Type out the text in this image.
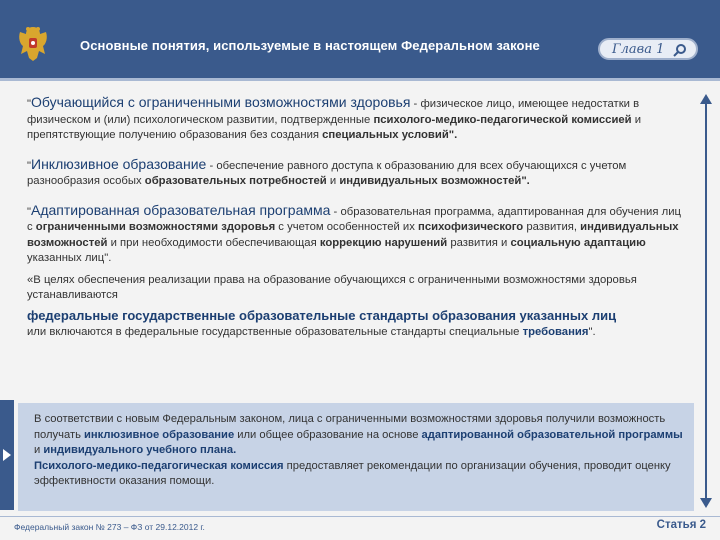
Основные понятия, используемые в настоящем Федеральном законе	Глава 1

"Обучающийся с ограниченными возможностями здоровья - физическое лицо, имеющее недостатки в физическом и (или) психологическом развитии, подтвержденные психолого-медико-педагогической комиссией и препятствующие получению образования без создания специальных условий".

"Инклюзивное образование - обеспечение равного доступа к образованию для всех обучающихся с учетом разнообразия особых образовательных потребностей и индивидуальных возможностей".

"Адаптированная образовательная программа - образовательная программа, адаптированная для обучения лиц с ограниченными возможностями здоровья с учетом особенностей их психофизического развития, индивидуальных возможностей и при необходимости обеспечивающая коррекцию нарушений развития и социальную адаптацию указанных лиц".

«В целях обеспечения реализации права на образование обучающихся с ограниченными возможностями здоровья устанавливаются
федеральные государственные образовательные стандарты образования указанных лиц
или включаются в федеральные государственные образовательные стандарты специальные требования".

В соответствии с новым Федеральным законом, лица с ограниченными возможностями здоровья получили возможность получать инклюзивное образование или общее образование на основе адаптированной образовательной программы и индивидуального учебного плана.
Психолого-медико-педагогическая комиссия предоставляет рекомендации по организации обучения, проводит оценку эффективности оказания помощи.
Федеральный закон № 273 – ФЗ от 29.12.2012 г.	Статья 2
